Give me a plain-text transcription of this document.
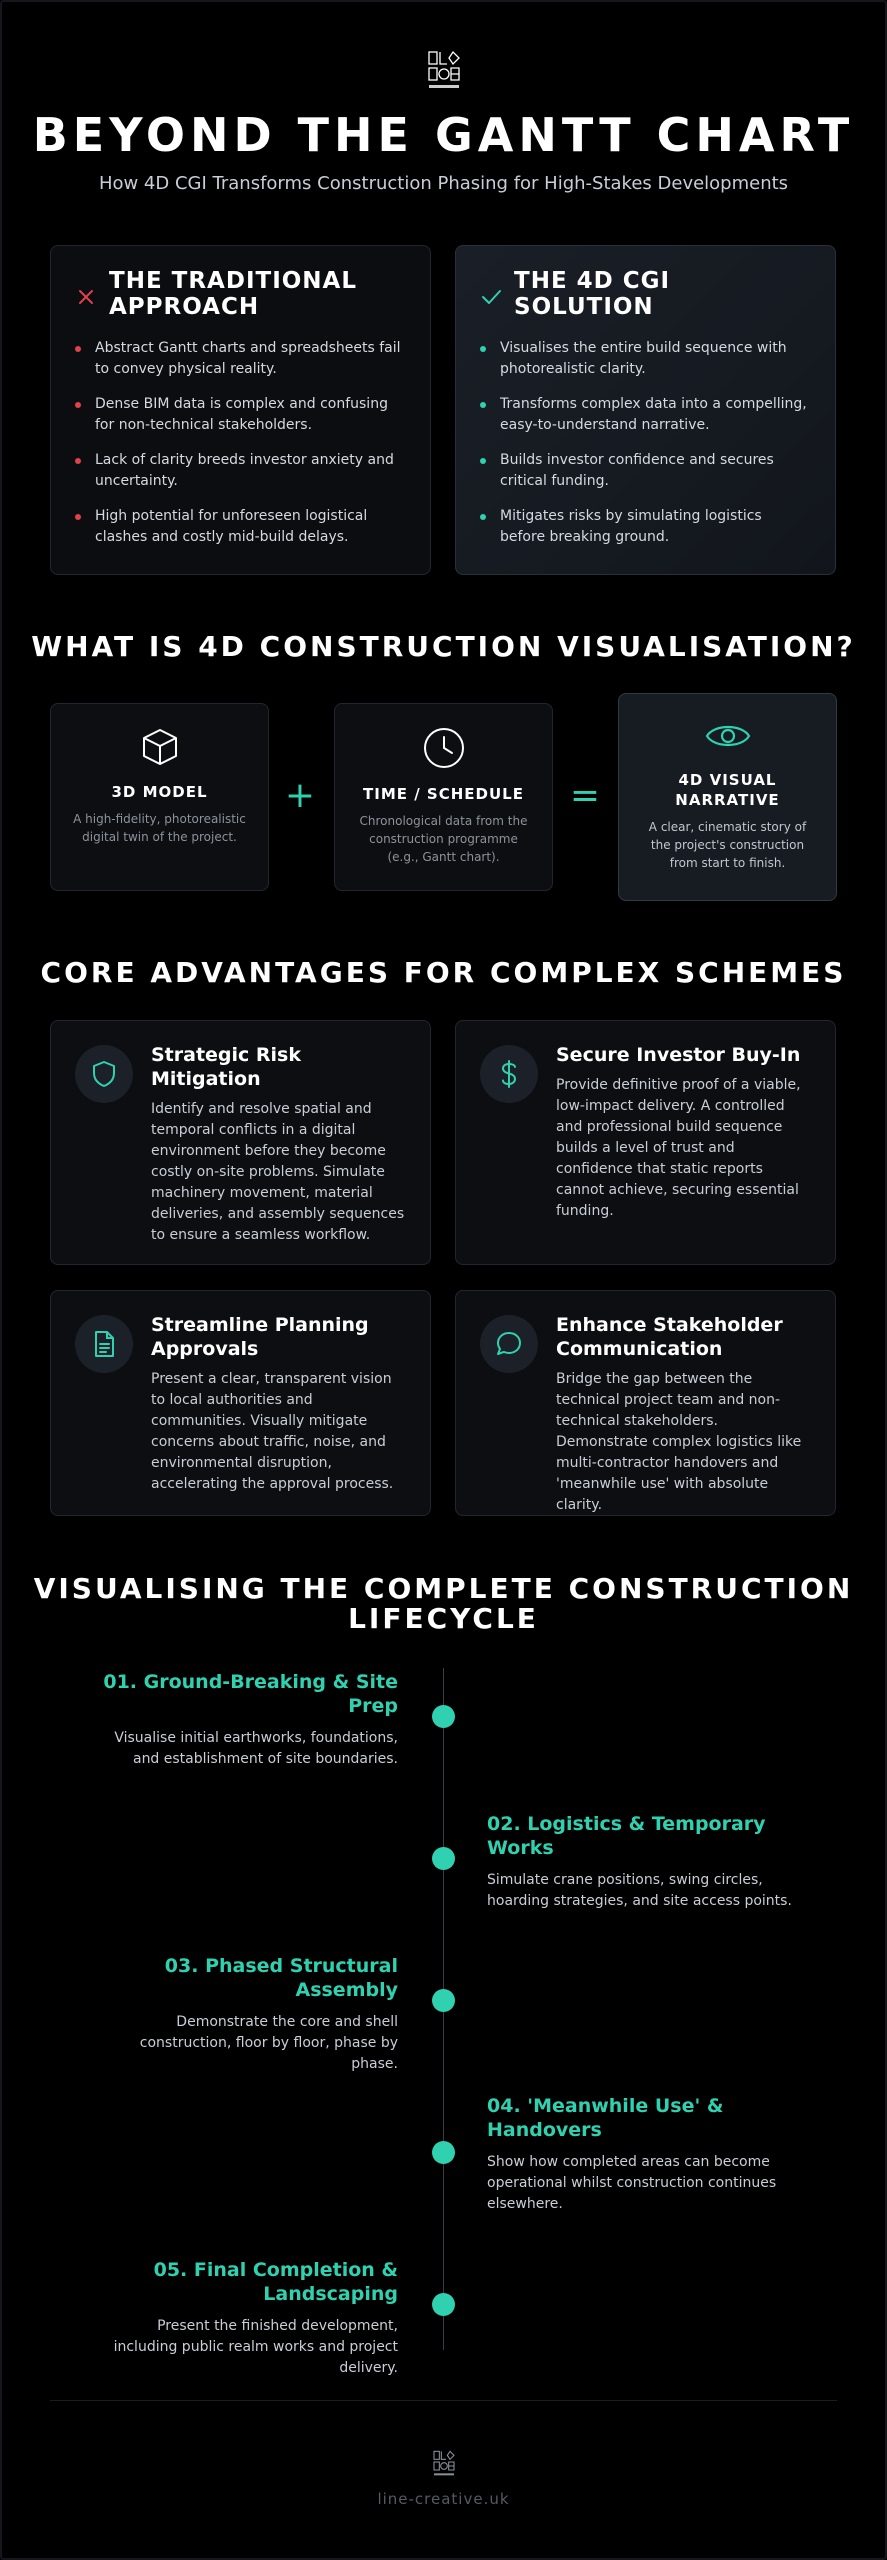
BEYOND THE GANTT CHART

How 4D CGI Transforms Construction Phasing for High-Stakes Developments

THE TRADITIONAL
APPROACH
Abstract Gantt charts and spreadsheets fail to convey physical reality.
Dense BIM data is complex and confusing for non-technical stakeholders.
Lack of clarity breeds investor anxiety and uncertainty.
High potential for unforeseen logistical clashes and costly mid-build delays.
THE 4D CGI
SOLUTION
Visualises the entire build sequence with photorealistic clarity.
Transforms complex data into a compelling, easy-to-understand narrative.
Builds investor confidence and secures critical funding.
Mitigates risks by simulating logistics before breaking ground.
WHAT IS 4D CONSTRUCTION VISUALISATION?
3D MODEL
A high-fidelity, photorealistic digital twin of the project.
+	TIME / SCHEDULE
Chronological data from the construction programme (e.g., Gantt chart).
=	4D VISUAL NARRATIVE
A clear, cinematic story of the project's construction from start to finish.
CORE ADVANTAGES FOR COMPLEX SCHEMES
Strategic Risk Mitigation
Identify and resolve spatial and temporal conflicts in a digital environment before they become costly on-site problems. Simulate machinery movement, material deliveries, and assembly sequences to ensure a seamless workflow.
Secure Investor Buy-In
Provide definitive proof of a viable, low-impact delivery. A controlled and professional build sequence builds a level of trust and confidence that static reports cannot achieve, securing essential funding.
Streamline Planning Approvals
Present a clear, transparent vision to local authorities and communities. Visually mitigate concerns about traffic, noise, and environmental disruption, accelerating the approval process.
Enhance Stakeholder Communication
Bridge the gap between the technical project team and non-technical stakeholders. Demonstrate complex logistics like multi-contractor handovers and 'meanwhile use' with absolute clarity.
VISUALISING THE COMPLETE CONSTRUCTION
LIFECYCLE
01. Ground-Breaking & Site Prep
Visualise initial earthworks, foundations, and establishment of site boundaries.
02. Logistics & Temporary Works
Simulate crane positions, swing circles, hoarding strategies, and site access points.
03. Phased Structural Assembly
Demonstrate the core and shell construction, floor by floor, phase by phase.
04. 'Meanwhile Use' & Handovers
Show how completed areas can become operational whilst construction continues elsewhere.
05. Final Completion & Landscaping
Present the finished development, including public realm works and project delivery.
line-creative.uk
